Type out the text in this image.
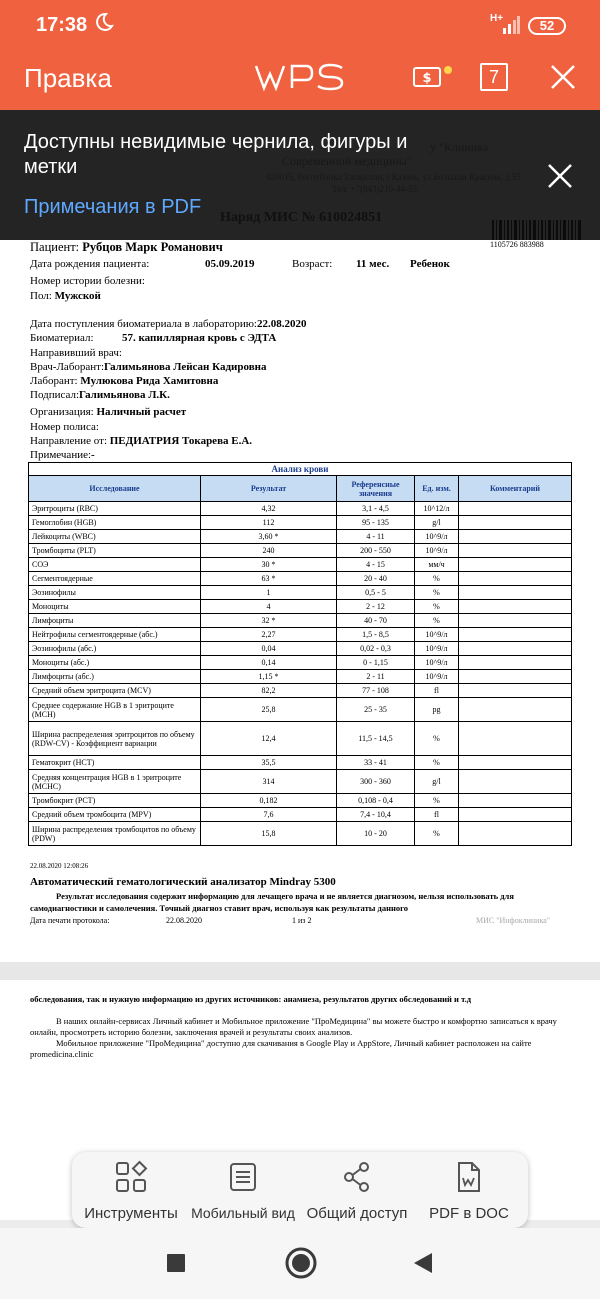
17:38	H+	52
Правка	$	7
1105726 883988
Пациент: Рубцов Марк Романович
Дата рождения пациента:	05.09.2019	Возраст: 11 мес. Ребенок
Номер истории болезни:
Пол: Мужской
Дата поступления биоматериала в лабораторию:22.08.2020
Биоматериал:	57. капиллярная кровь с ЭДТА
Направивший врач:
Врач-Лаборант:Галимьянова Лейсан Кадировна
Лаборант: Мулюкова Рида Хамитовна
Подписал:Галимьянова Л.К.
Организация: Наличный расчет
Номер полиса:
Направление от: ПЕДИАТРИЯ Токарева Е.А.
Примечание:-
Анализ крови				
Исследование	Результат	Референсные значения	Ед. изм.	Комментарий
Эритроциты (RBC)	4,32	3,1 - 4,5	10^12/л	
Гемоглобин (HGB)	112	95 - 135	g/l	
Лейкоциты (WBC)	3,60 *	4 - 11	10^9/л	
Тромбоциты (PLT)	240	200 - 550	10^9/л	
СОЭ	30 *	4 - 15	мм/ч	
Сегментоядерные	63 *	20 - 40	%	
Эозинофилы	1	0,5 - 5	%	
Моноциты	4	2 - 12	%	
Лимфоциты	32 *	40 - 70	%	
Нейтрофилы сегментоядерные (абс.)	2,27	1,5 - 8,5	10^9/л	
Эозинофилы (абс.)	0,04	0,02 - 0,3	10^9/л	
Моноциты (абс.)	0,14	0 - 1,15	10^9/л	
Лимфоциты (абс.)	1,15 *	2 - 11	10^9/л	
Средний объем эритроцита (MCV)	82,2	77 - 108	fl	
Среднее содержание HGB в 1 эритроците (MCH)	25,8	25 - 35	pg	
Ширина распределения эритроцитов по объему (RDW-CV) - Коэффициент вариации	12,4	11,5 - 14,5	%	
Гематокрит (HCT)	35,5	33 - 41	%	
Средняя концентрация HGB в 1 эритроците (MCHC)	314	300 - 360	g/l	
Тромбокрит (PCT)	0,182	0,108 - 0,4	%	
Средний объем тромбоцита (MPV)	7,6	7,4 - 10,4	fl	
Ширина распределения тромбоцитов по объему (PDW)	15,8	10 - 20	%	
22.08.2020 12:08:26
Автоматический гематологический анализатор Mindray 5300
Результат исследования содержит информацию для лечащего врача и не является диагнозом, нельзя использовать для самодиагностики и самолечения. Точный диагноз ставит врач, используя как результаты данного
Дата печати протокола:	22.08.2020	1 из 2	МИС "Инфоклиника"
обследования, так и нужную информацию из других источников: анамнеза, результатов других обследований и т.д
В наших онлайн-сервисах Личный кабинет и Мобильное приложение "ПроМедицина" вы можете быстро и комфортно записаться к врачу онлайн, просмотреть историю болезни, заключения врачей и результаты своих анализов.
Мобильное приложение "ПроМедицина" доступно для скачивания в Google Play и AppStore, Личный кабинет расположен на сайте promedicina.clinic
Доступны невидимые чернила, фигуры и метки
Примечания в PDF
Инструменты Мобильный вид Общий доступ	PDF в DOC
